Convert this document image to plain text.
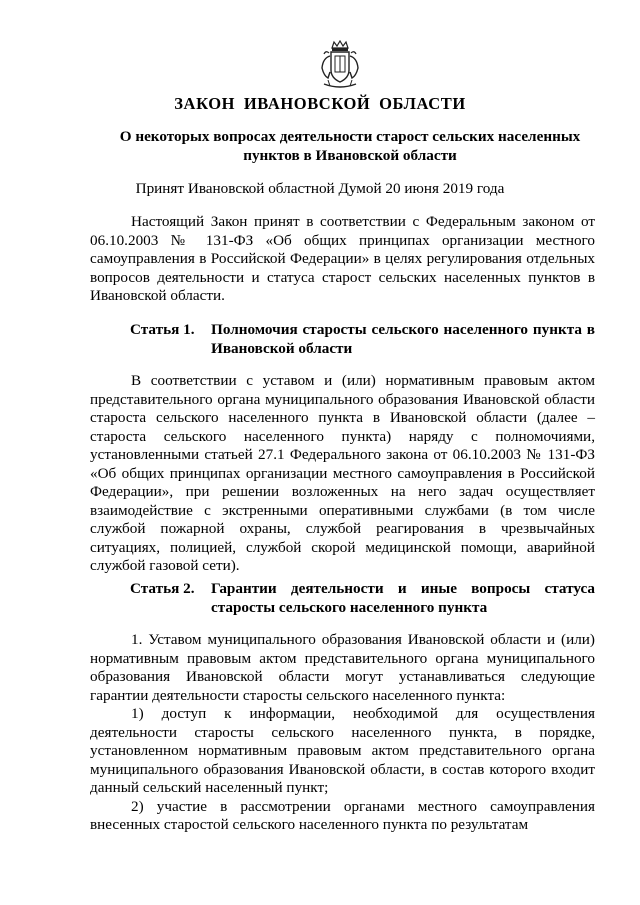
ЗАКОН ИВАНОВСКОЙ ОБЛАСТИ
О некоторых вопросах деятельности старост сельских населенных пунктов в Ивановской области
Принят Ивановской областной Думой 20 июня 2019 года

Настоящий Закон принят в соответствии с Федеральным законом от 06.10.2003 № 131-ФЗ «Об общих принципах организации местного самоуправления в Российской Федерации» в целях регулирования отдельных вопросов деятельности и статуса старост сельских населенных пунктов в Ивановской области.

Статья 1. Полномочия старосты сельского населенного пункта в Ивановской области

В соответствии с уставом и (или) нормативным правовым актом представительного органа муниципального образования Ивановской области староста сельского населенного пункта в Ивановской области (далее – староста сельского населенного пункта) наряду с полномочиями, установленными статьей 27.1 Федерального закона от 06.10.2003 № 131-ФЗ «Об общих принципах организации местного самоуправления в Российской Федерации», при решении возложенных на него задач осуществляет взаимодействие с экстренными оперативными службами (в том числе службой пожарной охраны, службой реагирования в чрезвычайных ситуациях, полицией, службой скорой медицинской помощи, аварийной службой газовой сети).

Статья 2. Гарантии деятельности и иные вопросы статуса старосты сельского населенного пункта

1. Уставом муниципального образования Ивановской области и (или) нормативным правовым актом представительного органа муниципального образования Ивановской области могут устанавливаться следующие гарантии деятельности старосты сельского населенного пункта:

1) доступ к информации, необходимой для осуществления деятельности старосты сельского населенного пункта, в порядке, установленном нормативным правовым актом представительного органа муниципального образования Ивановской области, в состав которого входит данный сельский населенный пункт;

2) участие в рассмотрении органами местного самоуправления внесенных старостой сельского населенного пункта по результатам
